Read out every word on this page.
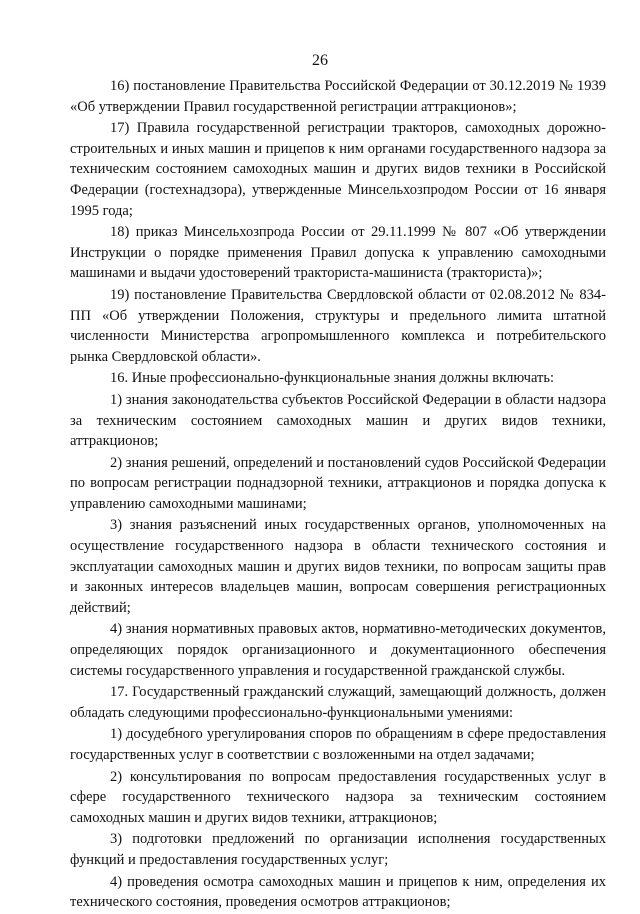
26

16) постановление Правительства Российской Федерации от 30.12.2019 № 1939 «Об утверждении Правил государственной регистрации аттракционов»;

17) Правила государственной регистрации тракторов, самоходных дорожно-строительных и иных машин и прицепов к ним органами государственного надзора за техническим состоянием самоходных машин и других видов техники в Российской Федерации (гостехнадзора), утвержденные Минсельхозпродом России от 16 января 1995 года;

18) приказ Минсельхозпрода России от 29.11.1999 № 807 «Об утверждении Инструкции о порядке применения Правил допуска к управлению самоходными машинами и выдачи удостоверений тракториста-машиниста (тракториста)»;

19) постановление Правительства Свердловской области от 02.08.2012 № 834-ПП «Об утверждении Положения, структуры и предельного лимита штатной численности Министерства агропромышленного комплекса и потребительского рынка Свердловской области».

16. Иные профессионально-функциональные знания должны включать:

1) знания законодательства субъектов Российской Федерации в области надзора за техническим состоянием самоходных машин и других видов техники, аттракционов;

2) знания решений, определений и постановлений судов Российской Федерации по вопросам регистрации поднадзорной техники, аттракционов и порядка допуска к управлению самоходными машинами;

3) знания разъяснений иных государственных органов, уполномоченных на осуществление государственного надзора в области технического состояния и эксплуатации самоходных машин и других видов техники, по вопросам защиты прав и законных интересов владельцев машин, вопросам совершения регистрационных действий;

4) знания нормативных правовых актов, нормативно-методических документов, определяющих порядок организационного и документационного обеспечения системы государственного управления и государственной гражданской службы.

17. Государственный гражданский служащий, замещающий должность, должен обладать следующими профессионально-функциональными умениями:

1) досудебного урегулирования споров по обращениям в сфере предоставления государственных услуг в соответствии с возложенными на отдел задачами;

2) консультирования по вопросам предоставления государственных услуг в сфере государственного технического надзора за техническим состоянием самоходных машин и других видов техники, аттракционов;

3) подготовки предложений по организации исполнения государственных функций и предоставления государственных услуг;

4) проведения осмотра самоходных машин и прицепов к ним, определения их технического состояния, проведения осмотров аттракционов;
